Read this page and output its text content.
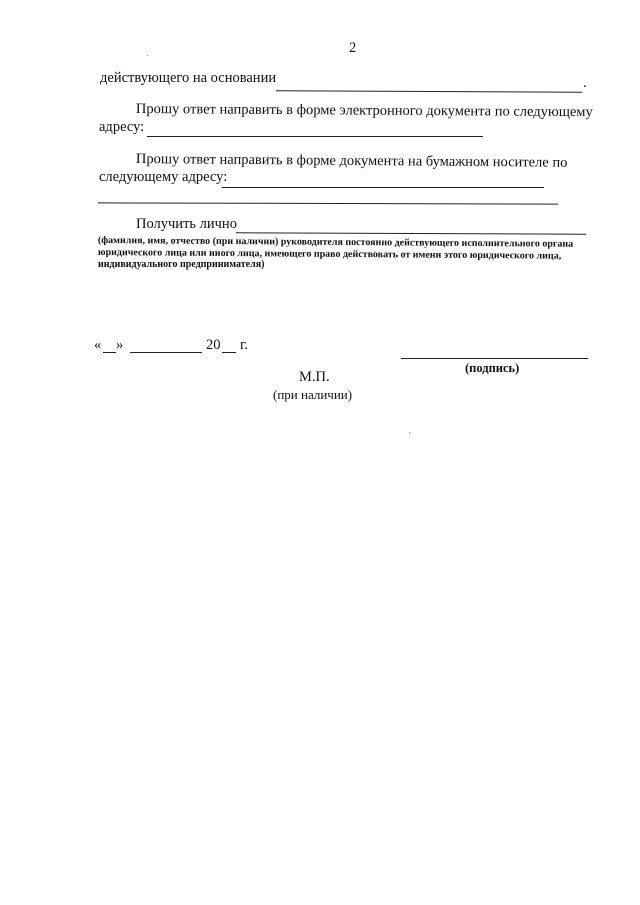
2
действующего на основании	.
Прошу ответ направить в форме электронного документа по следующему
адресу:
Прошу ответ направить в форме документа на бумажном носителе по
следующему адресу:
Получить лично
(фамилия, имя, отчество (при наличии) руководителя постоянно действующего исполнительного органа
юридического лица или иного лица, имеющего право действовать от имени этого юридического лица,
индивидуального предпринимателя)
« »	20 г.
(подпись)
М.П.
(при наличии)
